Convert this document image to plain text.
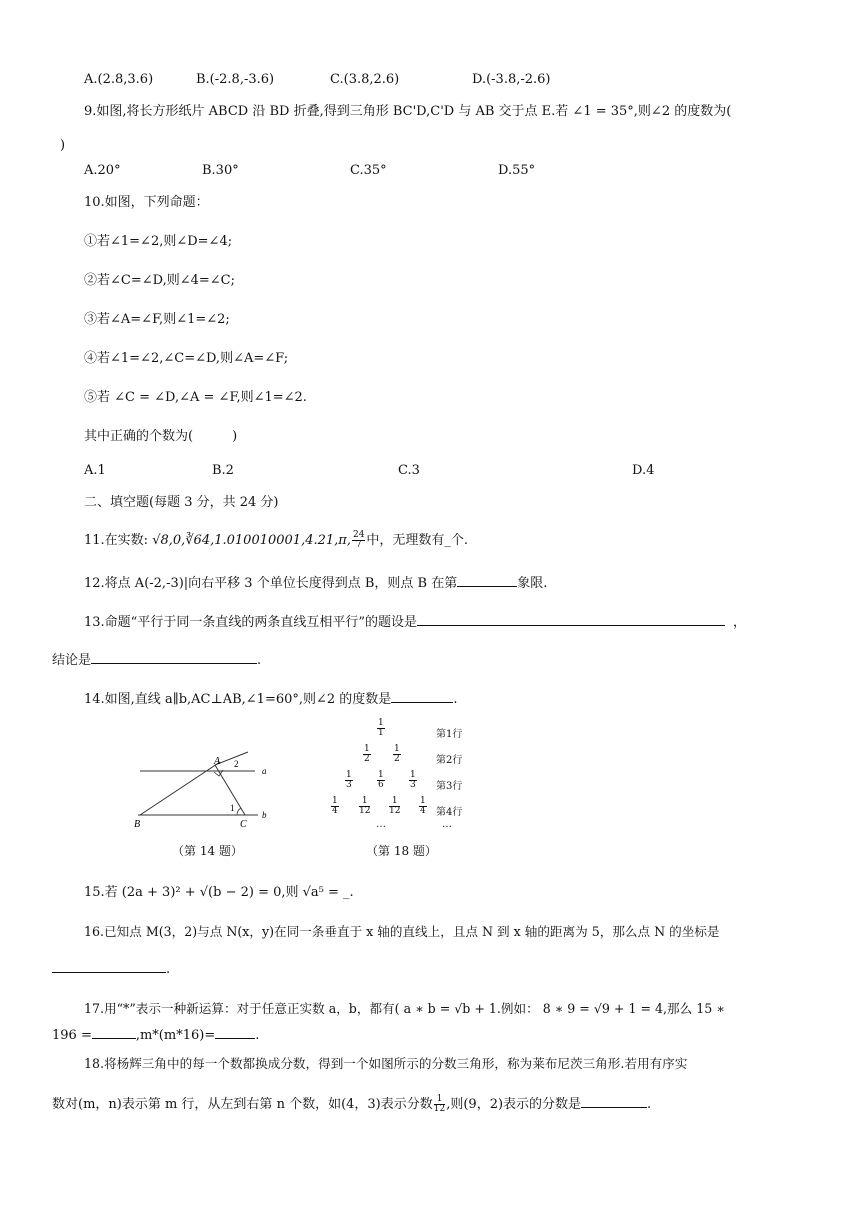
A.(2.8,3.6)	B.(-2.8,-3.6)	C.(3.8,2.6)	D.(-3.8,-2.6)
9.如图,将长方形纸片 ABCD 沿 BD 折叠,得到三角形 BC'D,C'D 与 AB 交于点 E.若 ∠1 = 35°,则∠2 的度数为(
)
A.20°	B.30°	C.35°	D.55°
10.如图，下列命题：
①若∠1=∠2,则∠D=∠4;
②若∠C=∠D,则∠4=∠C;
③若∠A=∠F,则∠1=∠2;
④若∠1=∠2,∠C=∠D,则∠A=∠F;
⑤若 ∠C = ∠D,∠A = ∠F,则∠1=∠2.
其中正确的个数为(　　　)
A.1	B.2	C.3	D.4
二、填空题(每题 3 分，共 24 分)
11.在实数: √8,0,∛64,1.010010001,4.21,π, $\frac{24}{7}$ 中，无理数有_个.
12.将点 A(-2,-3)|向右平移 3 个单位长度得到点 B，则点 B 在第	象限.
13.命题“平行于同一条直线的两条直线互相平行”的题设是	，
结论是	.
14.如图,直线 a∥b,AC⊥AB,∠1=60°,则∠2 的度数是	.
A 2
a
1
b
B	C
（第 14 题）
$\frac{1}{1}$
$\frac{1}{2} \frac{1}{2}$
$\frac{1}{3}$	$\frac{1}{6}$	$\frac{1}{3}$
$\frac{1}{4} \frac{1}{12} \frac{1}{12} \frac{1}{4}$
…
第1行
第2行
第3行
第4行
…
（第 18 题）
15.若 (2a + 3)² + √(b − 2) = 0,则 √a⁵ = _.
16.已知点 M(3，2)与点 N(x，y)在同一条垂直于 x 轴的直线上，且点 N 到 x 轴的距离为 5，那么点 N 的坐标是
.
17.用“*”表示一种新运算：对于任意正实数 a，b，都有( a ∗ b = √b + 1.例如： 8 ∗ 9 = √9 + 1 = 4,那么 15 ∗
196 =	,m*(m*16)=	.
18.将杨辉三角中的每一个数都换成分数，得到一个如图所示的分数三角形，称为莱布尼茨三角形.若用有序实
数对(m，n)表示第 m 行，从左到右第 n 个数，如(4，3)表示分数 $\frac{1}{12}$ ,则(9，2)表示的分数是	.
